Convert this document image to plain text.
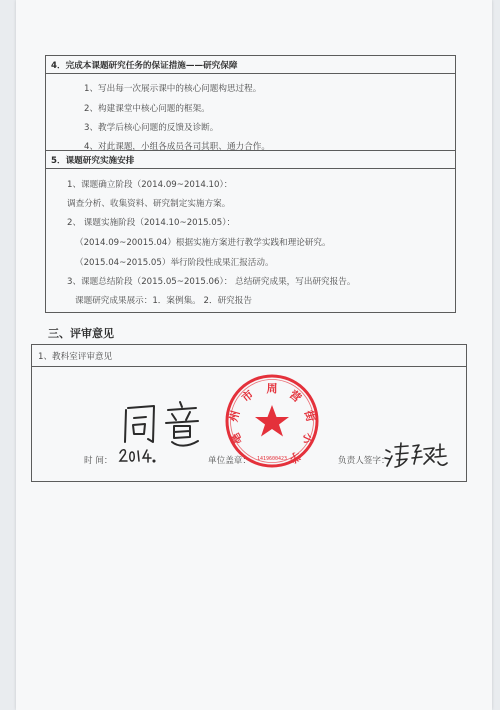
4．完成本课题研究任务的保证措施——研究保障
1、写出每一次展示课中的核心问题构思过程。
2、构建课堂中核心问题的框架。
3、教学后核心问题的反馈及诊断。
4、对此课题，小组各成员各司其职、通力合作。
5．课题研究实施安排
1、课题确立阶段（2014.09~2014.10）：
调查分析、收集资料、研究制定实施方案。
2、 课题实施阶段（2014.10~2015.05）：
（2014.09~20015.04）根据实施方案进行教学实践和理论研究。
（2015.04~2015.05）举行阶段性成果汇报活动。
3、课题总结阶段（2015.05~2015.06）： 总结研究成果，写出研究报告。
课题研究成果展示：1．案例集。 2．研究报告
三、评审意见
1、教科室评审意见
时 间：	单位盖章：	负责人签字：
周
市
州
亳
营
街
小
学
1419600423
